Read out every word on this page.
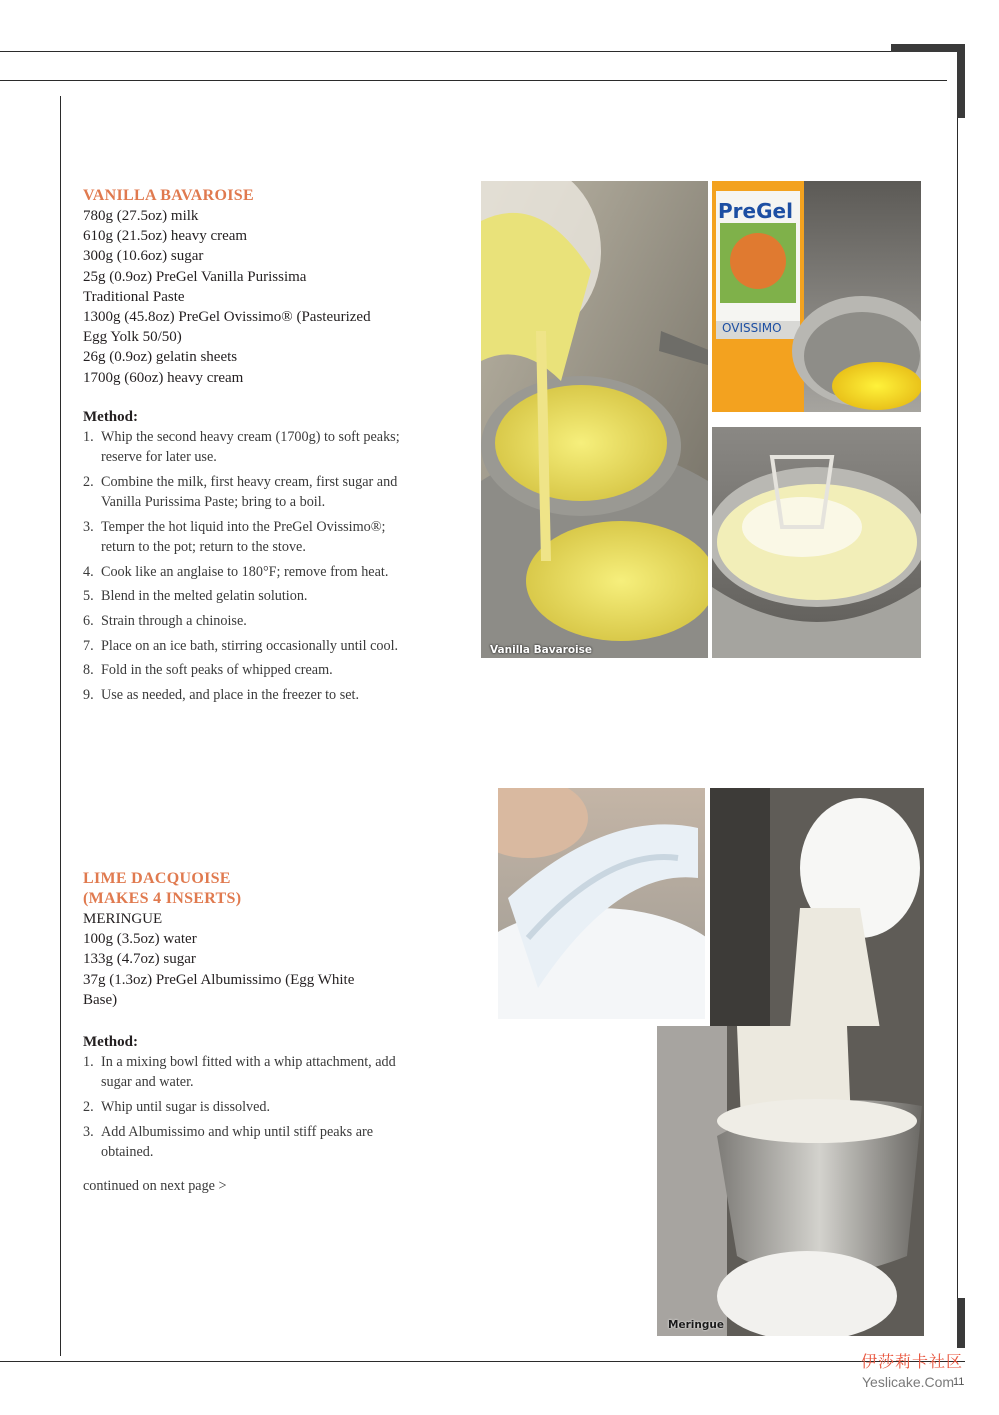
VANILLA BAVAROISE
780g (27.5oz) milk
610g (21.5oz) heavy cream
300g (10.6oz) sugar
25g (0.9oz) PreGel Vanilla Purissima
Traditional Paste
1300g (45.8oz) PreGel Ovissimo® (Pasteurized
Egg Yolk 50/50)
26g (0.9oz) gelatin sheets
1700g (60oz) heavy cream
Method:
1. Whip the second heavy cream (1700g) to soft peaks; reserve for later use.
2. Combine the milk, first heavy cream, first sugar and Vanilla Purissima Paste; bring to a boil.
3. Temper the hot liquid into the PreGel Ovissimo®; return to the pot; return to the stove.
4. Cook like an anglaise to 180°F; remove from heat.
5. Blend in the melted gelatin solution.
6. Strain through a chinoise.
7. Place on an ice bath, stirring occasionally until cool.
8. Fold in the soft peaks of whipped cream.
9. Use as needed, and place in the freezer to set.
Vanilla Bavaroise
PreGel
OVISSIMO
LIME DACQUOISE
(MAKES 4 INSERTS)
MERINGUE
100g (3.5oz) water
133g (4.7oz) sugar
37g (1.3oz) PreGel Albumissimo (Egg White
Base)
Method:
1. In a mixing bowl fitted with a whip attachment, add sugar and water.
2. Whip until sugar is dissolved.
3. Add Albumissimo and whip until stiff peaks are obtained.
continued on next page >
Meringue
伊莎莉卡社区
Yeslicake.Com
11
